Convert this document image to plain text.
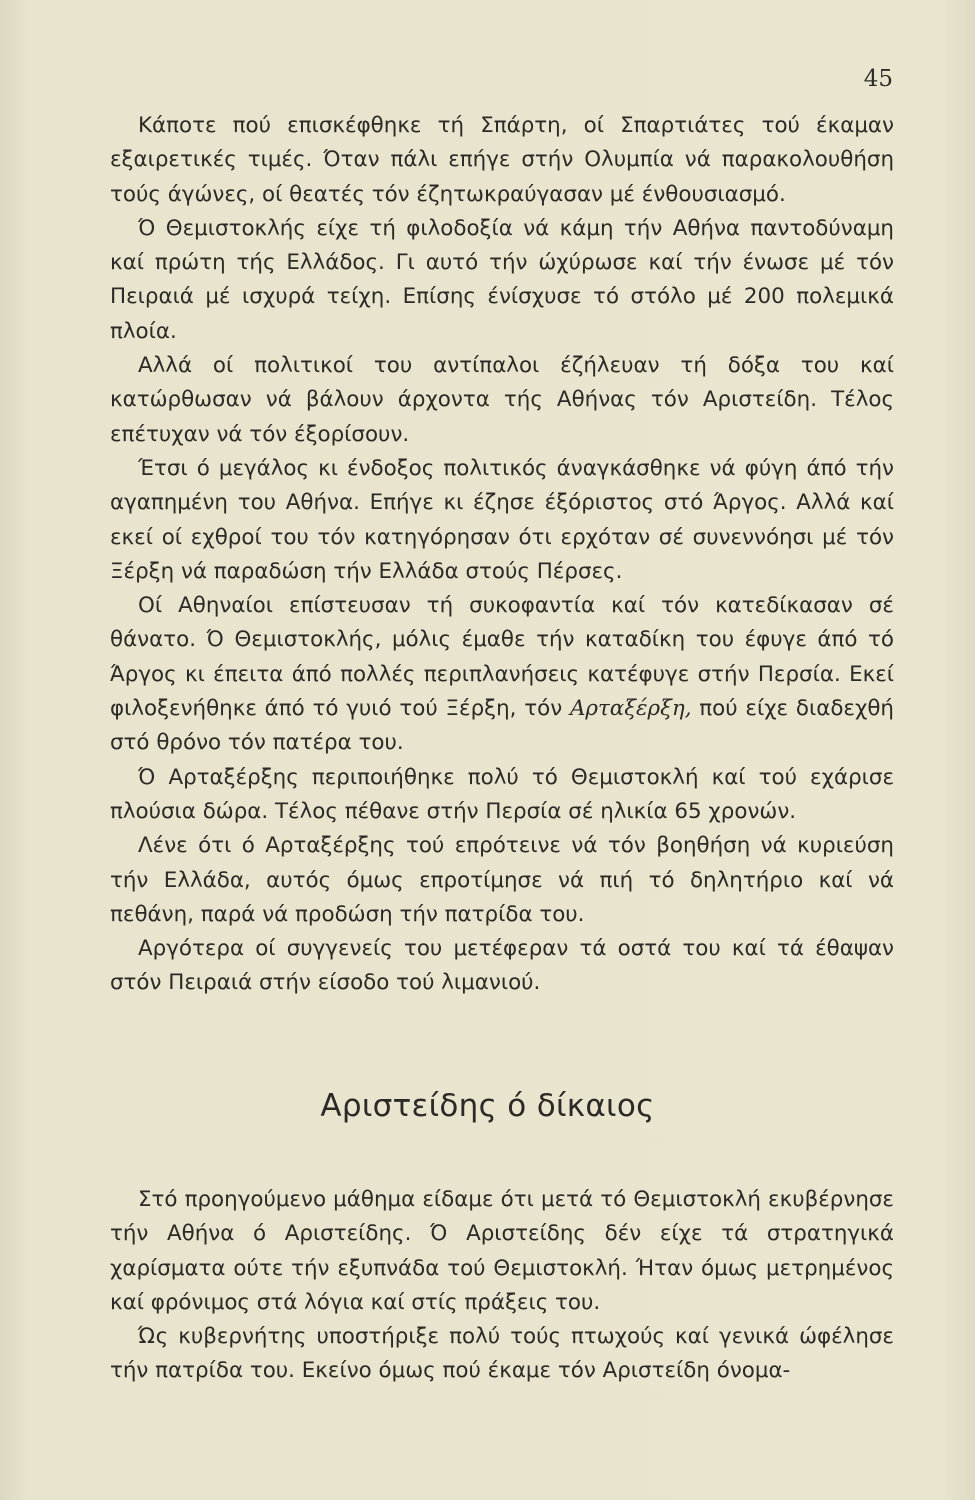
45

Κάποτε πού επισκέφθηκε τή Σπάρτη, οί Σπαρτιάτες τού έκαμαν εξαιρετικές τιμές. Όταν πάλι επήγε στήν Ολυμπία νά παρακολουθήση τούς άγώνες, οί θεατές τόν έζητωκραύγασαν μέ ένθουσιασμό.

Ό Θεμιστοκλής είχε τή φιλοδοξία νά κάμη τήν Αθήνα παντοδύναμη καί πρώτη τής Ελλάδος. Γι αυτό τήν ώχύρωσε καί τήν ένωσε μέ τόν Πειραιά μέ ισχυρά τείχη. Επίσης ένίσχυσε τό στόλο μέ 200 πολεμικά πλοία.

Αλλά οί πολιτικοί του αντίπαλοι έζήλευαν τή δόξα του καί κατώρθωσαν νά βάλουν άρχοντα τής Αθήνας τόν Αριστείδη. Τέλος επέτυχαν νά τόν έξορίσουν.

Έτσι ό μεγάλος κι ένδοξος πολιτικός άναγκάσθηκε νά φύγη άπό τήν αγαπημένη του Αθήνα. Επήγε κι έζησε έξόριστος στό Άργος. Αλλά καί εκεί οί εχθροί του τόν κατηγόρησαν ότι ερχόταν σέ συνεννόησι μέ τόν Ξέρξη νά παραδώση τήν Ελλάδα στούς Πέρσες.

Οί Αθηναίοι επίστευσαν τή συκοφαντία καί τόν κατεδίκασαν σέ θάνατο. Ό Θεμιστοκλής, μόλις έμαθε τήν καταδίκη του έφυγε άπό τό Άργος κι έπειτα άπό πολλές περιπλανήσεις κατέφυγε στήν Περσία. Εκεί φιλοξενήθηκε άπό τό γυιό τού Ξέρξη, τόν Αρταξέρξη, πού είχε διαδεχθή στό θρόνο τόν πατέρα του.

Ό Αρταξέρξης περιποιήθηκε πολύ τό Θεμιστοκλή καί τού εχάρισε πλούσια δώρα. Τέλος πέθανε στήν Περσία σέ ηλικία 65 χρονών.

Λένε ότι ό Αρταξέρξης τού επρότεινε νά τόν βοηθήση νά κυριεύση τήν Ελλάδα, αυτός όμως επροτίμησε νά πιή τό δηλητήριο καί νά πεθάνη, παρά νά προδώση τήν πατρίδα του.

Αργότερα οί συγγενείς του μετέφεραν τά οστά του καί τά έθαψαν στόν Πειραιά στήν είσοδο τού λιμανιού.

Αριστείδης ό δίκαιος

Στό προηγούμενο μάθημα είδαμε ότι μετά τό Θεμιστοκλή εκυβέρνησε τήν Αθήνα ό Αριστείδης. Ό Αριστείδης δέν είχε τά στρατηγικά χαρίσματα ούτε τήν εξυπνάδα τού Θεμιστοκλή. Ήταν όμως μετρημένος καί φρόνιμος στά λόγια καί στίς πράξεις του.

Ώς κυβερνήτης υποστήριξε πολύ τούς πτωχούς καί γενικά ώφέλησε τήν πατρίδα του. Εκείνο όμως πού έκαμε τόν Αριστείδη όνομα-
